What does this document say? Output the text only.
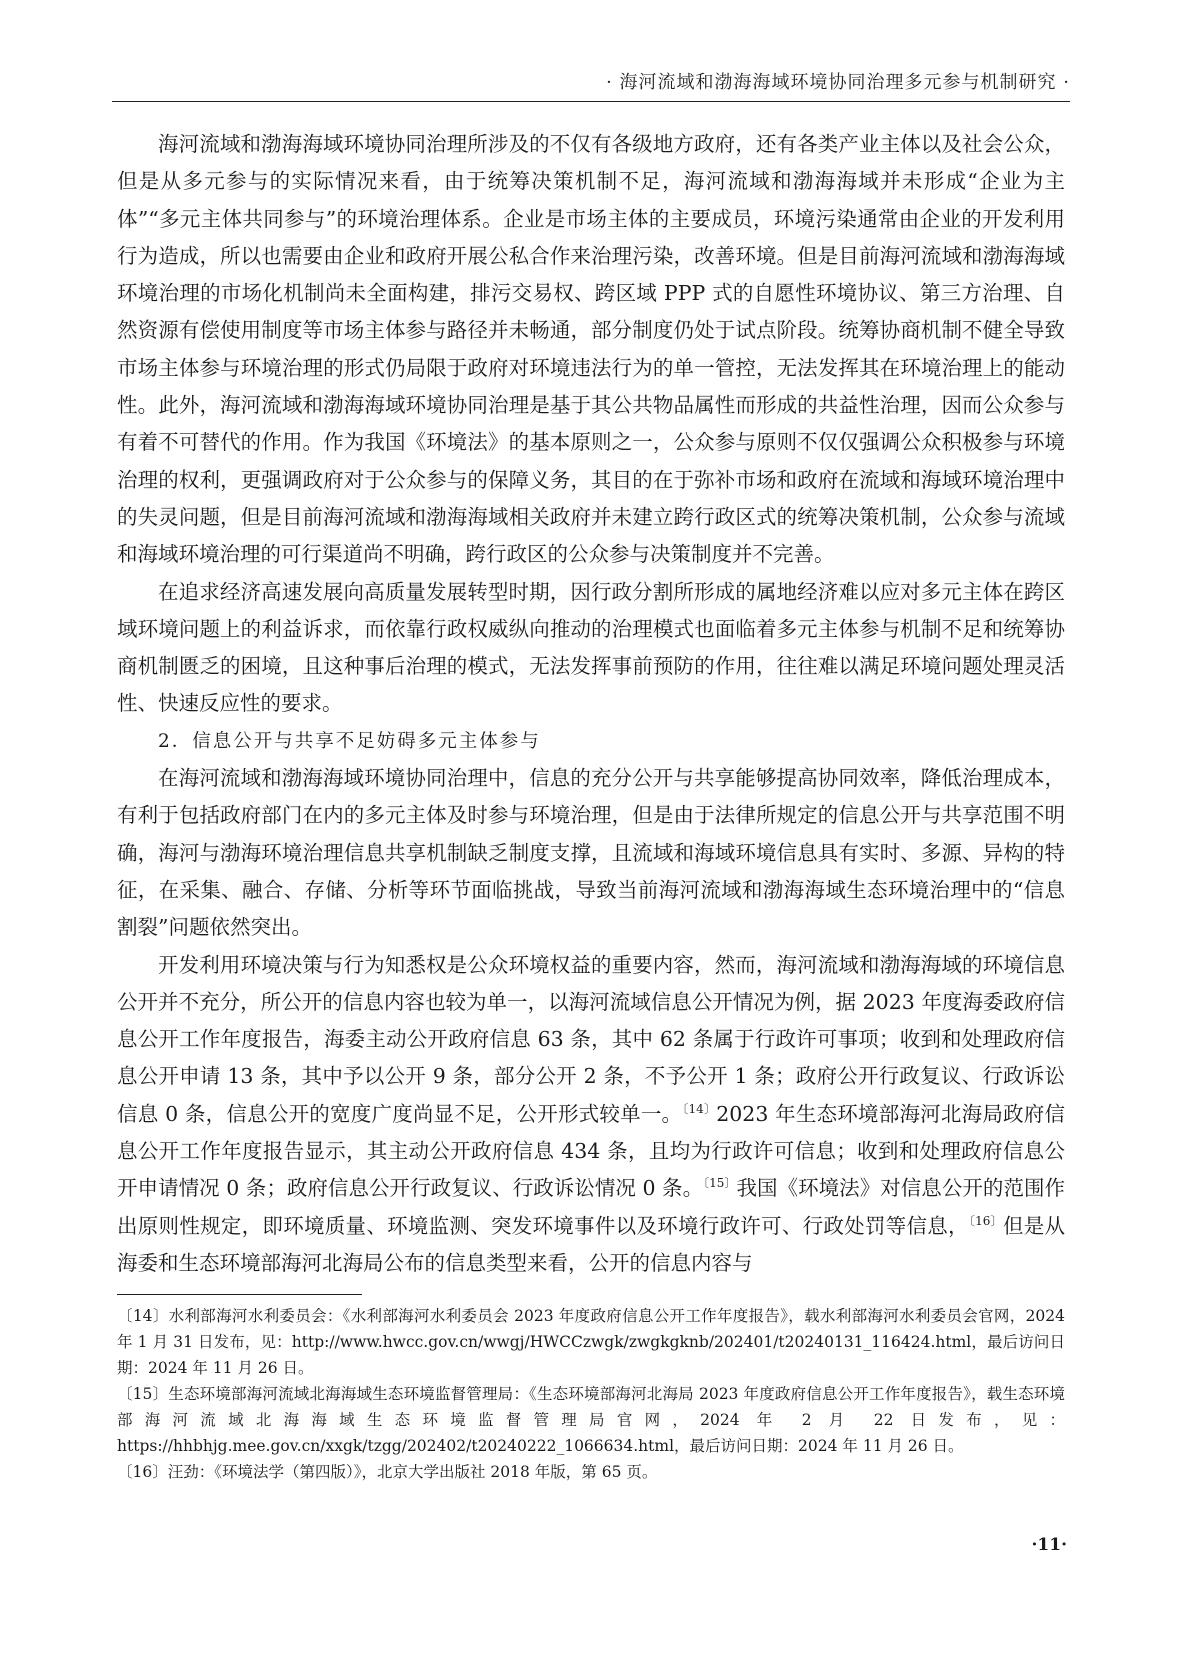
· 海河流域和渤海海域环境协同治理多元参与机制研究 ·

海河流域和渤海海域环境协同治理所涉及的不仅有各级地方政府，还有各类产业主体以及社会公众，但是从多元参与的实际情况来看，由于统筹决策机制不足，海河流域和渤海海域并未形成“企业为主体”“多元主体共同参与”的环境治理体系。企业是市场主体的主要成员，环境污染通常由企业的开发利用行为造成，所以也需要由企业和政府开展公私合作来治理污染，改善环境。但是目前海河流域和渤海海域环境治理的市场化机制尚未全面构建，排污交易权、跨区域 PPP 式的自愿性环境协议、第三方治理、自然资源有偿使用制度等市场主体参与路径并未畅通，部分制度仍处于试点阶段。统筹协商机制不健全导致市场主体参与环境治理的形式仍局限于政府对环境违法行为的单一管控，无法发挥其在环境治理上的能动性。此外，海河流域和渤海海域环境协同治理是基于其公共物品属性而形成的共益性治理，因而公众参与有着不可替代的作用。作为我国《环境法》的基本原则之一，公众参与原则不仅仅强调公众积极参与环境治理的权利，更强调政府对于公众参与的保障义务，其目的在于弥补市场和政府在流域和海域环境治理中的失灵问题，但是目前海河流域和渤海海域相关政府并未建立跨行政区式的统筹决策机制，公众参与流域和海域环境治理的可行渠道尚不明确，跨行政区的公众参与决策制度并不完善。

在追求经济高速发展向高质量发展转型时期，因行政分割所形成的属地经济难以应对多元主体在跨区域环境问题上的利益诉求，而依靠行政权威纵向推动的治理模式也面临着多元主体参与机制不足和统筹协商机制匮乏的困境，且这种事后治理的模式，无法发挥事前预防的作用，往往难以满足环境问题处理灵活性、快速反应性的要求。

2．信息公开与共享不足妨碍多元主体参与

在海河流域和渤海海域环境协同治理中，信息的充分公开与共享能够提高协同效率，降低治理成本，有利于包括政府部门在内的多元主体及时参与环境治理，但是由于法律所规定的信息公开与共享范围不明确，海河与渤海环境治理信息共享机制缺乏制度支撑，且流域和海域环境信息具有实时、多源、异构的特征，在采集、融合、存储、分析等环节面临挑战，导致当前海河流域和渤海海域生态环境治理中的“信息割裂”问题依然突出。

开发利用环境决策与行为知悉权是公众环境权益的重要内容，然而，海河流域和渤海海域的环境信息公开并不充分，所公开的信息内容也较为单一，以海河流域信息公开情况为例，据 2023 年度海委政府信息公开工作年度报告，海委主动公开政府信息 63 条，其中 62 条属于行政许可事项；收到和处理政府信息公开申请 13 条，其中予以公开 9 条，部分公开 2 条，不予公开 1 条；政府公开行政复议、行政诉讼信息 0 条，信息公开的宽度广度尚显不足，公开形式较单一。$^{〔14〕}$2023 年生态环境部海河北海局政府信息公开工作年度报告显示，其主动公开政府信息 434 条，且均为行政许可信息；收到和处理政府信息公开申请情况 0 条；政府信息公开行政复议、行政诉讼情况 0 条。$^{〔15〕}$我国《环境法》对信息公开的范围作出原则性规定，即环境质量、环境监测、突发环境事件以及环境行政许可、行政处罚等信息，$^{〔16〕}$但是从海委和生态环境部海河北海局公布的信息类型来看，公开的信息内容与

〔14〕水利部海河水利委员会：《水利部海河水利委员会 2023 年度政府信息公开工作年度报告》，载水利部海河水利委员会官网，2024 年 1 月 31 日发布，见：http://www.hwcc.gov.cn/wwgj/HWCCzwgk/zwgkgknb/202401/t20240131_116424.html，最后访问日期：2024 年 11 月 26 日。

〔15〕生态环境部海河流域北海海域生态环境监督管理局：《生态环境部海河北海局 2023 年度政府信息公开工作年度报告》，载生态环境部海河流域北海海域生态环境监督管理局官网，2024 年 2 月 22 日发布，见：https://hhbhjg.mee.gov.cn/xxgk/tzgg/202402/t20240222_1066634.html，最后访问日期：2024 年 11 月 26 日。

〔16〕汪劲：《环境法学（第四版）》，北京大学出版社 2018 年版，第 65 页。

·11·
